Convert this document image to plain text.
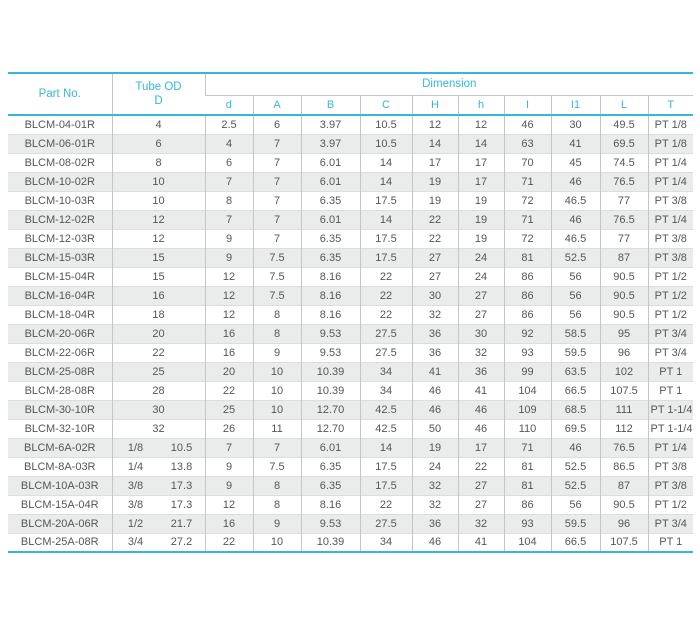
Part No.	Tube OD
D	Dimension									
		d	A	B	C	H	h	I	I1	L	T
BLCM-04-01R	4	2.5	6	3.97	10.5	12	12	46	30	49.5	PT 1/8
BLCM-06-01R	6	4	7	3.97	10.5	14	14	63	41	69.5	PT 1/8
BLCM-08-02R	8	6	7	6.01	14	17	17	70	45	74.5	PT 1/4
BLCM-10-02R	10	7	7	6.01	14	19	17	71	46	76.5	PT 1/4
BLCM-10-03R	10	8	7	6.35	17.5	19	19	72	46.5	77	PT 3/8
BLCM-12-02R	12	7	7	6.01	14	22	19	71	46	76.5	PT 1/4
BLCM-12-03R	12	9	7	6.35	17.5	22	19	72	46.5	77	PT 3/8
BLCM-15-03R	15	9	7.5	6.35	17.5	27	24	81	52.5	87	PT 3/8
BLCM-15-04R	15	12	7.5	8.16	22	27	24	86	56	90.5	PT 1/2
BLCM-16-04R	16	12	7.5	8.16	22	30	27	86	56	90.5	PT 1/2
BLCM-18-04R	18	12	8	8.16	22	32	27	86	56	90.5	PT 1/2
BLCM-20-06R	20	16	8	9.53	27.5	36	30	92	58.5	95	PT 3/4
BLCM-22-06R	22	16	9	9.53	27.5	36	32	93	59.5	96	PT 3/4
BLCM-25-08R	25	20	10	10.39	34	41	36	99	63.5	102	PT 1
BLCM-28-08R	28	22	10	10.39	34	46	41	104	66.5	107.5	PT 1
BLCM-30-10R	30	25	10	12.70	42.5	46	46	109	68.5	111	PT 1-1/4
BLCM-32-10R	32	26	11	12.70	42.5	50	46	110	69.5	112	PT 1-1/4
BLCM-6A-02R	1/8 10.5	7	7	6.01	14	19	17	71	46	76.5	PT 1/4
BLCM-8A-03R	1/4 13.8	9	7.5	6.35	17.5	24	22	81	52.5	86.5	PT 3/8
BLCM-10A-03R	3/8 17.3	9	8	6.35	17.5	32	27	81	52.5	87	PT 3/8
BLCM-15A-04R	3/8 17.3	12	8	8.16	22	32	27	86	56	90.5	PT 1/2
BLCM-20A-06R	1/2 21.7	16	9	9.53	27.5	36	32	93	59.5	96	PT 3/4
BLCM-25A-08R	3/4 27.2	22	10	10.39	34	46	41	104	66.5	107.5	PT 1
